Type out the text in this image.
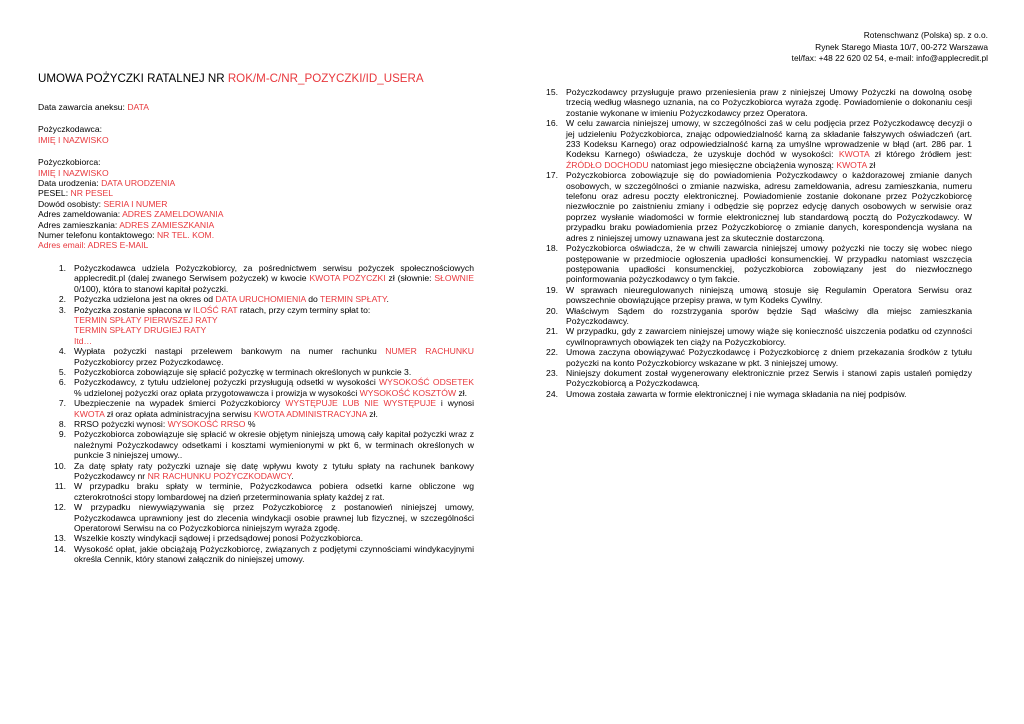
Rotenschwanz (Polska) sp. z o.o.
Rynek Starego Miasta 10/7, 00-272 Warszawa
tel/fax: +48 22 620 02 54, e-mail: info@applecredit.pl
UMOWA POŻYCZKI RATALNEJ NR ROK/M-C/NR_POZYCZKI/ID_USERA
Data zawarcia aneksu: DATA
Pożyczkodawca:
IMIĘ I NAZWISKO
Pożyczkobiorca:
IMIĘ I NAZWISKO
Data urodzenia: DATA URODZENIA
PESEL: NR PESEL
Dowód osobisty: SERIA I NUMER
Adres zameldowania: ADRES ZAMELDOWANIA
Adres zamieszkania: ADRES ZAMIESZKANIA
Numer telefonu kontaktowego: NR TEL. KOM.
Adres email: ADRES E-MAIL
1. Pożyczkodawca udziela Pożyczkobiorcy, za pośrednictwem serwisu pożyczek społecznościowych applecredit.pl (dalej zwanego Serwisem pożyczek) w kwocie KWOTA POŻYCZKI zł (słownie: SŁOWNIE 0/100), która to stanowi kapitał pożyczki.
2. Pożyczka udzielona jest na okres od DATA URUCHOMIENIA do TERMIN SPŁATY.
3. Pożyczka zostanie spłacona w ILOŚĆ RAT ratach, przy czym terminy spłat to:
TERMIN SPŁATY PIERWSZEJ RATY
TERMIN SPŁATY DRUGIEJ RATY
Itd…
4. Wypłata pożyczki nastąpi przelewem bankowym na numer rachunku NUMER RACHUNKU Pożyczkobiorcy przez Pożyczkodawcę.
5. Pożyczkobiorca zobowiązuje się spłacić pożyczkę w terminach określonych w punkcie 3.
6. Pożyczkodawcy, z tytułu udzielonej pożyczki przysługują odsetki w wysokości WYSOKOŚĆ ODSETEK % udzielonej pożyczki oraz opłata przygotowawcza i prowizja w wysokości WYSOKOŚĆ KOSZTÓW zł.
7. Ubezpieczenie na wypadek śmierci Pożyczkobiorcy WYSTĘPUJE LUB NIE WYSTĘPUJE i wynosi KWOTA zł oraz opłata administracyjna serwisu KWOTA ADMINISTRACYJNA zł.
8. RRSO pożyczki wynosi: WYSOKOŚĆ RRSO %
9. Pożyczkobiorca zobowiązuje się spłacić w okresie objętym niniejszą umową cały kapitał pożyczki wraz z należnymi Pożyczkodawcy odsetkami i kosztami wymienionymi w pkt 6, w terminach określonych w punkcie 3 niniejszej umowy..
10. Za datę spłaty raty pożyczki uznaje się datę wpływu kwoty z tytułu spłaty na rachunek bankowy Pożyczkodawcy nr NR RACHUNKU POŻYCZKODAWCY.
11. W przypadku braku spłaty w terminie, Pożyczkodawca pobiera odsetki karne obliczone wg czterokrotności stopy lombardowej na dzień przeterminowania spłaty każdej z rat.
12. W przypadku niewywiązywania się przez Pożyczkobiorcę z postanowień niniejszej umowy, Pożyczkodawca uprawniony jest do zlecenia windykacji osobie prawnej lub fizycznej, w szczególności Operatorowi Serwisu na co Pożyczkobiorca niniejszym wyraża zgodę.
13. Wszelkie koszty windykacji sądowej i przedsądowej ponosi Pożyczkobiorca.
14. Wysokość opłat, jakie obciążają Pożyczkobiorcę, związanych z podjętymi czynnościami windykacyjnymi określa Cennik, który stanowi załącznik do niniejszej umowy.
15. Pożyczkodawcy przysługuje prawo przeniesienia praw z niniejszej Umowy Pożyczki na dowolną osobę trzecią według własnego uznania, na co Pożyczkobiorca wyraża zgodę. Powiadomienie o dokonaniu cesji zostanie wykonane w imieniu Pożyczkodawcy przez Operatora.
16. W celu zawarcia niniejszej umowy, w szczególności zaś w celu podjęcia przez Pożyczkodawcę decyzji o jej udzieleniu Pożyczkobiorca, znając odpowiedzialność karną za składanie fałszywych oświadczeń (art. 233 Kodeksu Karnego) oraz odpowiedzialność karną za umyślne wprowadzenie w błąd (art. 286 par. 1 Kodeksu Karnego) oświadcza, że uzyskuje dochód w wysokości: KWOTA zł którego źródłem jest: ŹRÓDŁO DOCHODU natomiast jego miesięczne obciążenia wynoszą: KWOTA zł
17. Pożyczkobiorca zobowiązuje się do powiadomienia Pożyczkodawcy o każdorazowej zmianie danych osobowych, w szczególności o zmianie nazwiska, adresu zameldowania, adresu zamieszkania, numeru telefonu oraz adresu poczty elektronicznej. Powiadomienie zostanie dokonane przez Pożyczkobiorcę niezwłocznie po zaistnieniu zmiany i odbędzie się poprzez edycję danych osobowych w serwisie oraz poprzez wysłanie wiadomości w formie elektronicznej lub standardową pocztą do Pożyczkodawcy. W przypadku braku powiadomienia przez Pożyczkobiorcę o zmianie danych, korespondencja wysłana na adres z niniejszej umowy uznawana jest za skutecznie dostarczoną.
18. Pożyczkobiorca oświadcza, że w chwili zawarcia niniejszej umowy pożyczki nie toczy się wobec niego postępowanie w przedmiocie ogłoszenia upadłości konsumenckiej. W przypadku natomiast wszczęcia postępowania upadłości konsumenckiej, pożyczkobiorca zobowiązany jest do niezwłocznego poinformowania pożyczkodawcy o tym fakcie.
19. W sprawach nieuregulowanych niniejszą umową stosuje się Regulamin Operatora Serwisu oraz powszechnie obowiązujące przepisy prawa, w tym Kodeks Cywilny.
20. Właściwym Sądem do rozstrzygania sporów będzie Sąd właściwy dla miejsc zamieszkania Pożyczkodawcy.
21. W przypadku, gdy z zawarciem niniejszej umowy wiąże się konieczność uiszczenia podatku od czynności cywilnoprawnych obowiązek ten ciąży na Pożyczkobiorcy.
22. Umowa zaczyna obowiązywać Pożyczkodawcę i Pożyczkobiorcę z dniem przekazania środków z tytułu pożyczki na konto Pożyczkobiorcy wskazane w pkt. 3 niniejszej umowy.
23. Niniejszy dokument został wygenerowany elektronicznie przez Serwis i stanowi zapis ustaleń pomiędzy Pożyczkobiorcą a Pożyczkodawcą.
24. Umowa została zawarta w formie elektronicznej i nie wymaga składania na niej podpisów.
